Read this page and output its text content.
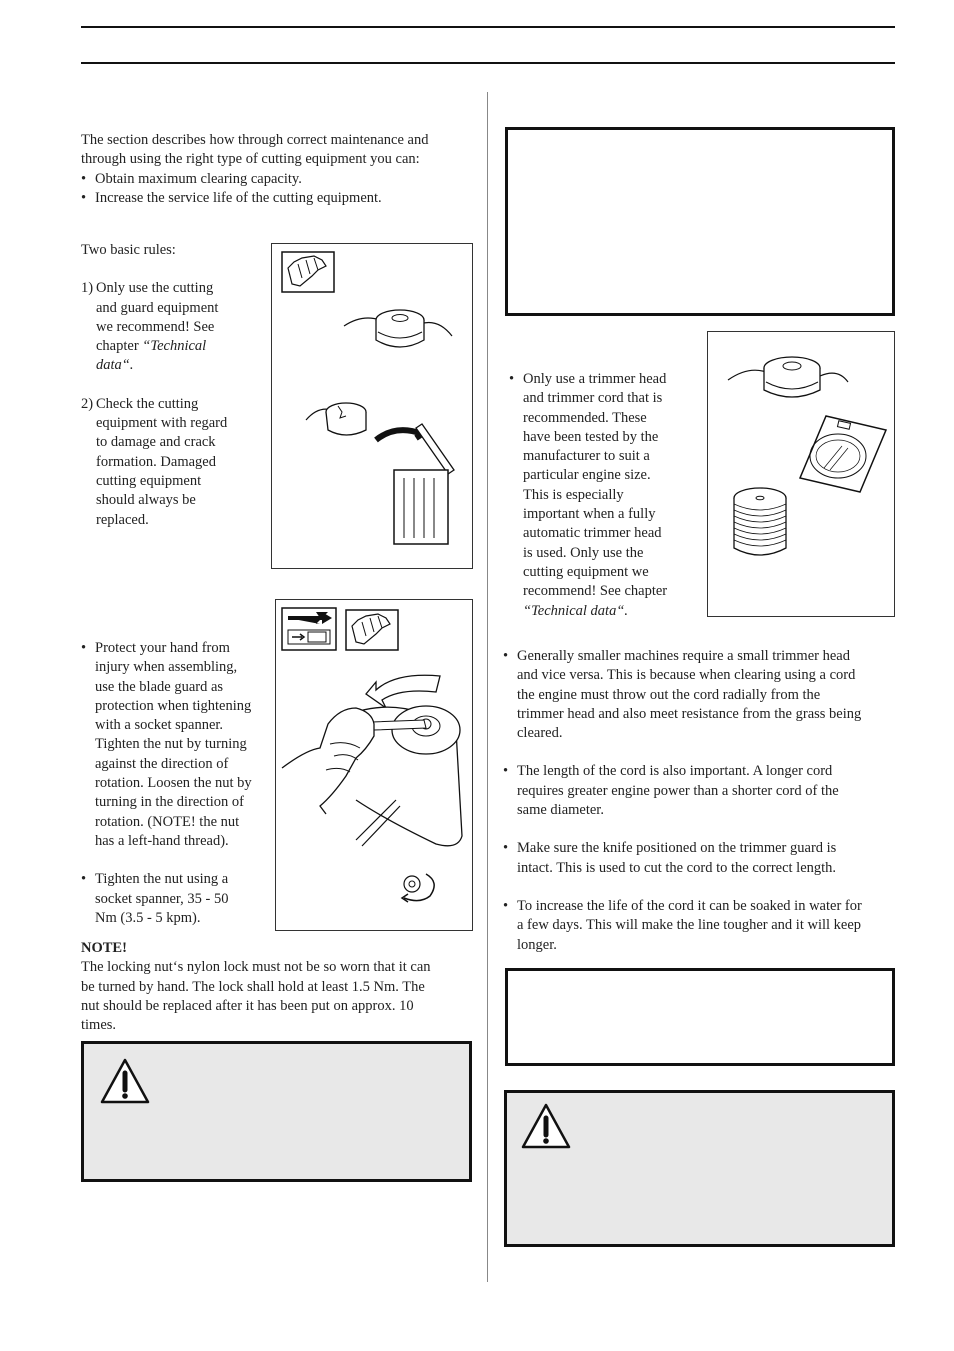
The section describes how through correct maintenance and

through using the right type of cutting equipment you can:

• Obtain maximum clearing capacity.
• Increase the service life of the cutting equipment.

Two basic rules:

1) Only use the cutting

and guard equipment

we recommend! See

chapter “Technical

data“.

2) Check the cutting

equipment with regard

to damage and crack

formation. Damaged

cutting equipment

should always be

replaced.

• Protect your hand from

injury when assembling,

use the blade guard as

protection when tightening

with a socket spanner.

Tighten the nut by turning

against the direction of

rotation. Loosen the nut by

turning in the direction of

rotation. (NOTE! the nut

has a left-hand thread).

• Tighten the nut using a

socket spanner, 35 - 50

Nm (3.5 - 5 kpm).

NOTE!

The locking nut‘s nylon lock must not be so worn that it can

be turned by hand. The lock shall hold at least 1.5 Nm. The

nut should be replaced after it has been put on approx. 10

times.

• Only use a trimmer head

and trimmer cord that is

recommended. These

have been tested by the

manufacturer to suit a

particular engine size.

This is especially

important when a fully

automatic trimmer head

is used. Only use the

cutting equipment we

recommend! See chapter

“Technical data“.

• Generally smaller machines require a small trimmer head

and vice versa. This is because when clearing using a cord

the engine must throw out the cord radially from the

trimmer head and also meet resistance from the grass being

cleared.

• The length of the cord is also important. A longer cord

requires greater engine power than a shorter cord of the

same diameter.

• Make sure the knife positioned on the trimmer guard is

intact. This is used to cut the cord to the correct length.

• To increase the life of the cord it can be soaked in water for

a few days. This will make the line tougher and it will keep

longer.
